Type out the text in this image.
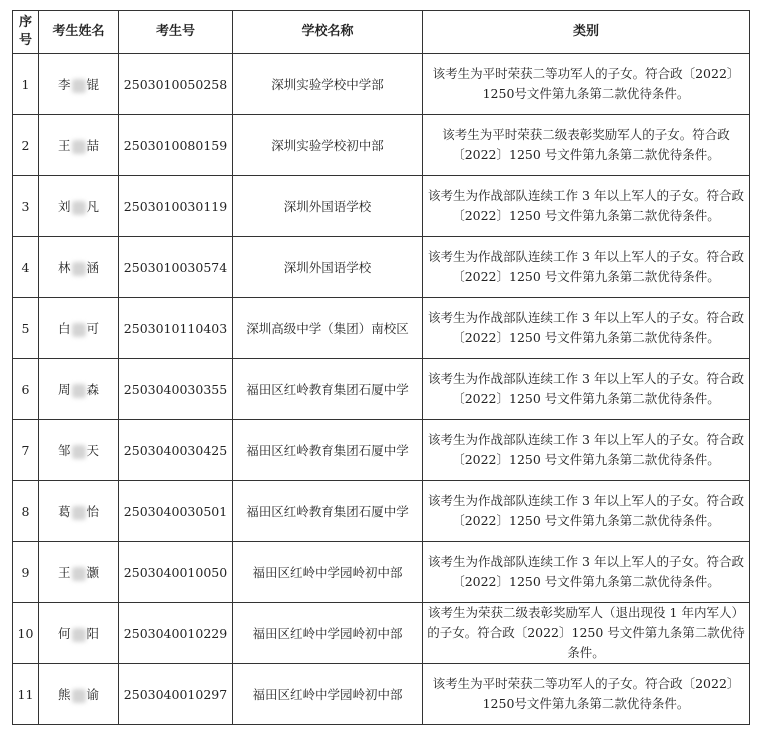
序号	考生姓名	考生号	学校名称	类别
1	李 锟	2503010050258	深圳实验学校中学部	该考生为平时荣获二等功军人的子女。符合政〔2022〕1250号文件第九条第二款优待条件。
2	王 喆	2503010080159	深圳实验学校初中部	该考生为平时荣获二级表彰奖励军人的子女。符合政〔2022〕1250 号文件第九条第二款优待条件。
3	刘 凡	2503010030119	深圳外国语学校	该考生为作战部队连续工作 3 年以上军人的子女。符合政〔2022〕1250 号文件第九条第二款优待条件。
4	林 涵	2503010030574	深圳外国语学校	该考生为作战部队连续工作 3 年以上军人的子女。符合政〔2022〕1250 号文件第九条第二款优待条件。
5	白 可	2503010110403	深圳高级中学（集团）南校区	该考生为作战部队连续工作 3 年以上军人的子女。符合政〔2022〕1250 号文件第九条第二款优待条件。
6	周 森	2503040030355	福田区红岭教育集团石厦中学	该考生为作战部队连续工作 3 年以上军人的子女。符合政〔2022〕1250 号文件第九条第二款优待条件。
7	邹 天	2503040030425	福田区红岭教育集团石厦中学	该考生为作战部队连续工作 3 年以上军人的子女。符合政〔2022〕1250 号文件第九条第二款优待条件。
8	葛 怡	2503040030501	福田区红岭教育集团石厦中学	该考生为作战部队连续工作 3 年以上军人的子女。符合政〔2022〕1250 号文件第九条第二款优待条件。
9	王 灏	2503040010050	福田区红岭中学园岭初中部	该考生为作战部队连续工作 3 年以上军人的子女。符合政〔2022〕1250 号文件第九条第二款优待条件。
10	何 阳	2503040010229	福田区红岭中学园岭初中部	该考生为荣获二级表彰奖励军人（退出现役 1 年内军人）的子女。符合政〔2022〕1250 号文件第九条第二款优待条件。
11	熊 谕	2503040010297	福田区红岭中学园岭初中部	该考生为平时荣获二等功军人的子女。符合政〔2022〕1250号文件第九条第二款优待条件。
